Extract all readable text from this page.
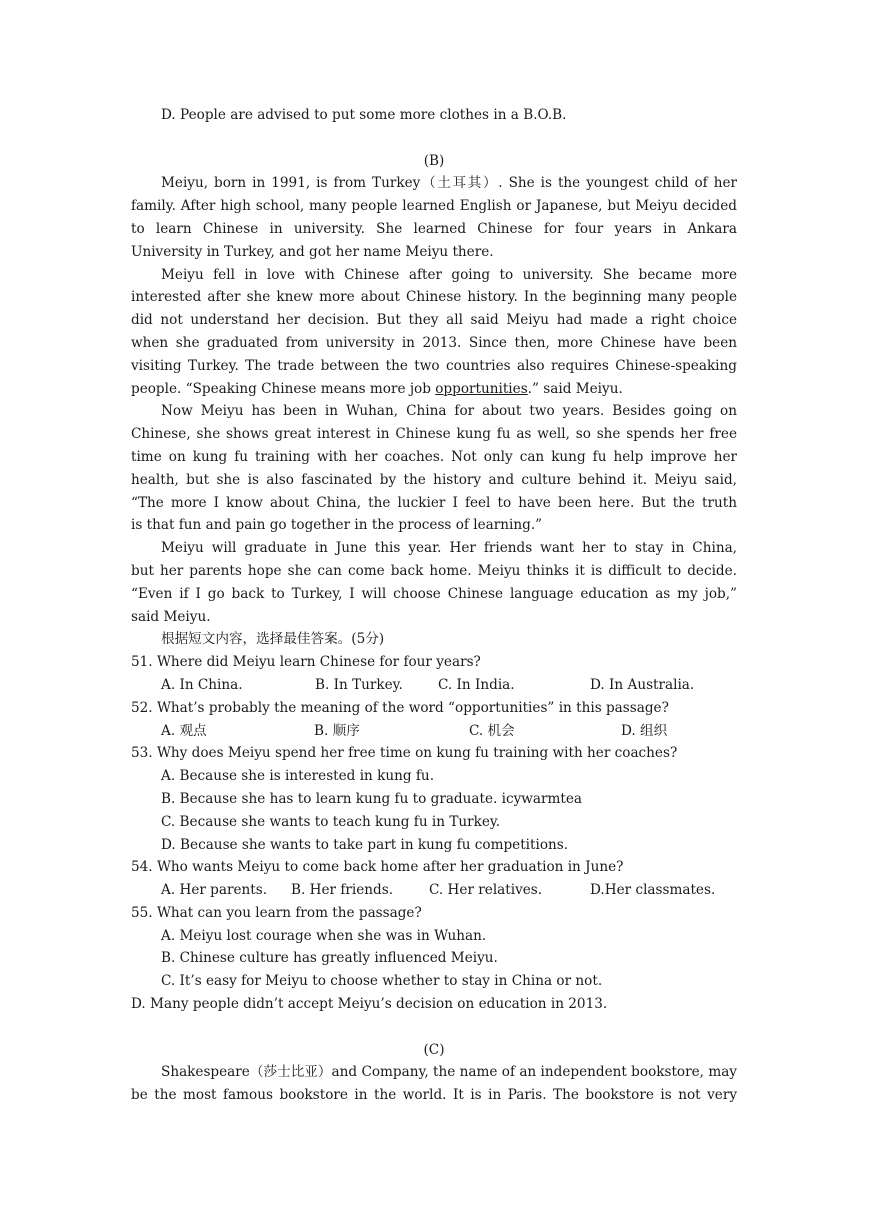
D. People are advised to put some more clothes in a B.O.B.
(B)
Meiyu, born in 1991, is from Turkey（土耳其）. She is the youngest child of her
family. After high school, many people learned English or Japanese, but Meiyu decided
to learn Chinese in university. She learned Chinese for four years in Ankara
University in Turkey, and got her name Meiyu there.
Meiyu fell in love with Chinese after going to university. She became more
interested after she knew more about Chinese history. In the beginning many people
did not understand her decision. But they all said Meiyu had made a right choice
when she graduated from university in 2013. Since then, more Chinese have been
visiting Turkey. The trade between the two countries also requires Chinese-speaking
people. “Speaking Chinese means more job opportunities.” said Meiyu.
Now Meiyu has been in Wuhan, China for about two years. Besides going on
Chinese, she shows great interest in Chinese kung fu as well, so she spends her free
time on kung fu training with her coaches. Not only can kung fu help improve her
health, but she is also fascinated by the history and culture behind it. Meiyu said,
“The more I know about China, the luckier I feel to have been here. But the truth
is that fun and pain go together in the process of learning.”
Meiyu will graduate in June this year. Her friends want her to stay in China,
but her parents hope she can come back home. Meiyu thinks it is difficult to decide.
“Even if I go back to Turkey, I will choose Chinese language education as my job,”
said Meiyu.
根据短文内容，选择最佳答案。(5分)
51. Where did Meiyu learn Chinese for four years?
A. In China.	B. In Turkey.	C. In India.	D. In Australia.
52. What’s probably the meaning of the word “opportunities” in this passage?
A. 观点	B. 顺序	C. 机会	D. 组织
53. Why does Meiyu spend her free time on kung fu training with her coaches?
A. Because she is interested in kung fu.
B. Because she has to learn kung fu to graduate. icywarmtea
C. Because she wants to teach kung fu in Turkey.
D. Because she wants to take part in kung fu competitions.
54. Who wants Meiyu to come back home after her graduation in June?
A. Her parents.	B. Her friends.	C. Her relatives.	D.Her classmates.
55. What can you learn from the passage?
A. Meiyu lost courage when she was in Wuhan.
B. Chinese culture has greatly influenced Meiyu.
C. It’s easy for Meiyu to choose whether to stay in China or not.
D. Many people didn’t accept Meiyu’s decision on education in 2013.
(C)
Shakespeare（莎士比亚）and Company, the name of an independent bookstore, may
be the most famous bookstore in the world. It is in Paris. The bookstore is not very
